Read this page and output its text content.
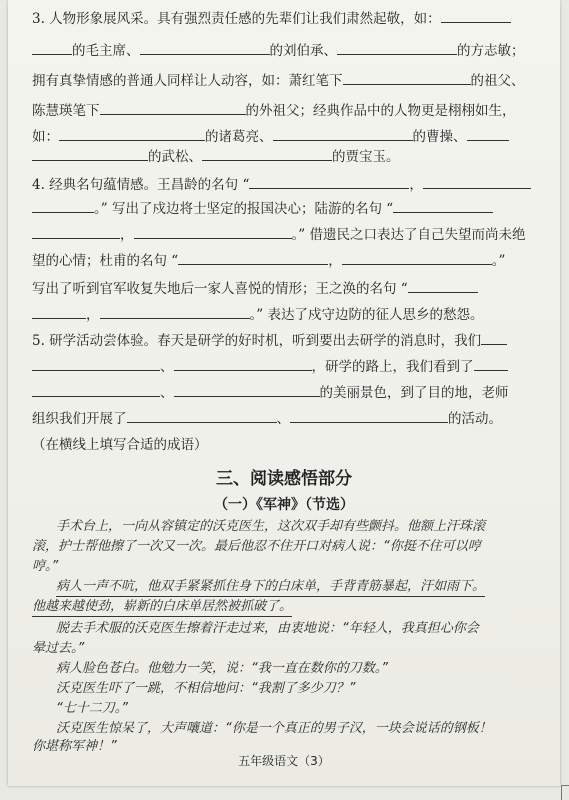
3. 人物形象展风采。具有强烈责任感的先辈们让我们肃然起敬，如：
的毛主席、	的刘伯承、	的方志敏；
拥有真挚情感的普通人同样让人动容，如：萧红笔下	的祖父、
陈慧瑛笔下	的外祖父；经典作品中的人物更是栩栩如生，
如：	的诸葛亮、	的曹操、
的武松、	的贾宝玉。
4. 经典名句蕴情感。王昌龄的名句 “	，
。” 写出了戍边将士坚定的报国决心；陆游的名句 “
，	。” 借遗民之口表达了自己失望而尚未绝
望的心情；杜甫的名句 “	，	。”
写出了听到官军收复失地后一家人喜悦的情形；王之涣的名句 “
，	。” 表达了戍守边防的征人思乡的愁怨。
5. 研学活动尝体验。春天是研学的好时机，听到要出去研学的消息时，我们
、	，研学的路上，我们看到了
、	的美丽景色，到了目的地，老师
组织我们开展了	、	的活动。
（在横线上填写合适的成语）
三、阅读感悟部分
（一）《军神》（节选）
手术台上，一向从容镇定的沃克医生，这次双手却有些颤抖。他额上汗珠滚
滚，护士帮他擦了一次又一次。最后他忍不住开口对病人说：“你挺不住可以哼
哼。”
病人一声不吭，他双手紧紧抓住身下的白床单，手背青筋暴起，汗如雨下。
他越来越使劲，崭新的白床单居然被抓破了。
脱去手术服的沃克医生擦着汗走过来，由衷地说：“年轻人，我真担心你会
晕过去。”
病人脸色苍白。他勉力一笑，说：“我一直在数你的刀数。”
沃克医生吓了一跳，不相信地问：“我割了多少刀？”
“七十二刀。”
沃克医生惊呆了，大声嚷道：“你是一个真正的男子汉，一块会说话的钢板！
你堪称军神！”
五年级语文（3）
